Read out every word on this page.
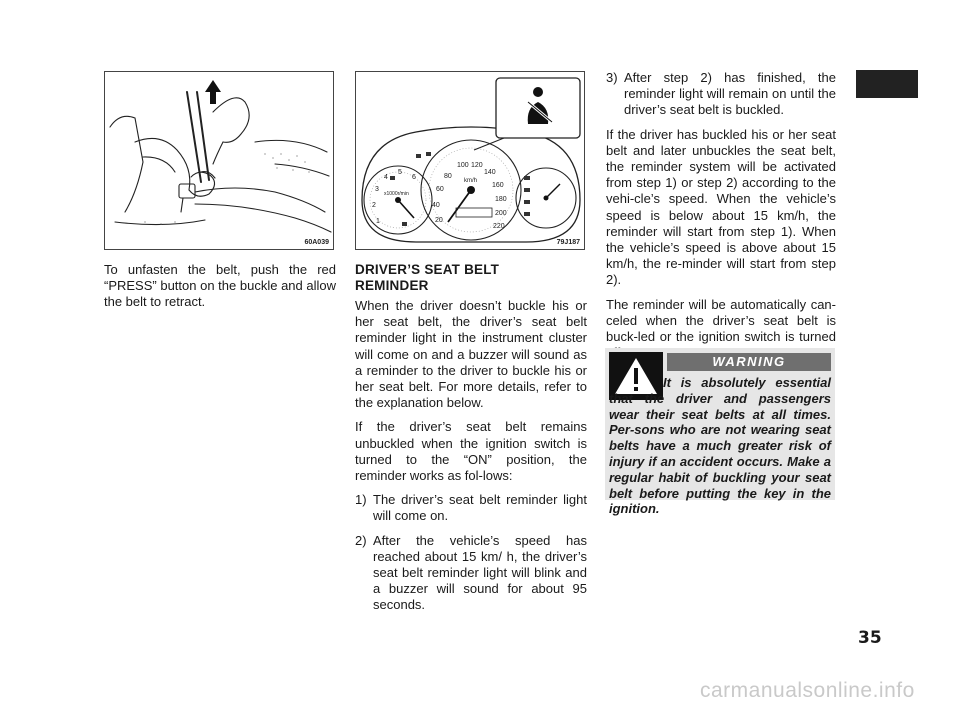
60A039
20
40
60
80
100 120
140
160
180
200
220
km/h
1
2
3
4
5
6
x1000r/min
79J187

To unfasten the belt, push the red “PRESS” button on the buckle and allow the belt to retract.

DRIVER’S SEAT BELT
REMINDER

When the driver doesn’t buckle his or her seat belt, the driver’s seat belt reminder light in the instrument cluster will come on and a buzzer will sound as a reminder to the driver to buckle his or her seat belt. For more details, refer to the explanation below.

If the driver’s seat belt remains unbuckled when the ignition switch is turned to the “ON” position, the reminder works as fol-lows:

1) The driver’s seat belt reminder light will come on.
2) After the vehicle’s speed has reached about 15 km/ h, the driver’s seat belt reminder light will blink and a buzzer will sound for about 95 seconds.
3) After step 2) has finished, the reminder light will remain on until the driver’s seat belt is buckled.

If the driver has buckled his or her seat belt and later unbuckles the seat belt, the reminder system will be activated from step 1) or step 2) according to the vehi-cle’s speed. When the vehicle’s speed is below about 15 km/h, the reminder will start from step 1). When the vehicle’s speed is above about 15 km/h, the re-minder will start from step 2).

The reminder will be automatically can-celed when the driver’s seat belt is buck-led or the ignition switch is turned

WARNING
It is absolutely essential that the driver and passengers wear their seat belts at all times. Per-sons who are not wearing seat belts have a much greater risk of injury if an accident occurs. Make a regular habit of buckling your seat belt before putting the key in the ignition.
35
carmanualsonline.info
